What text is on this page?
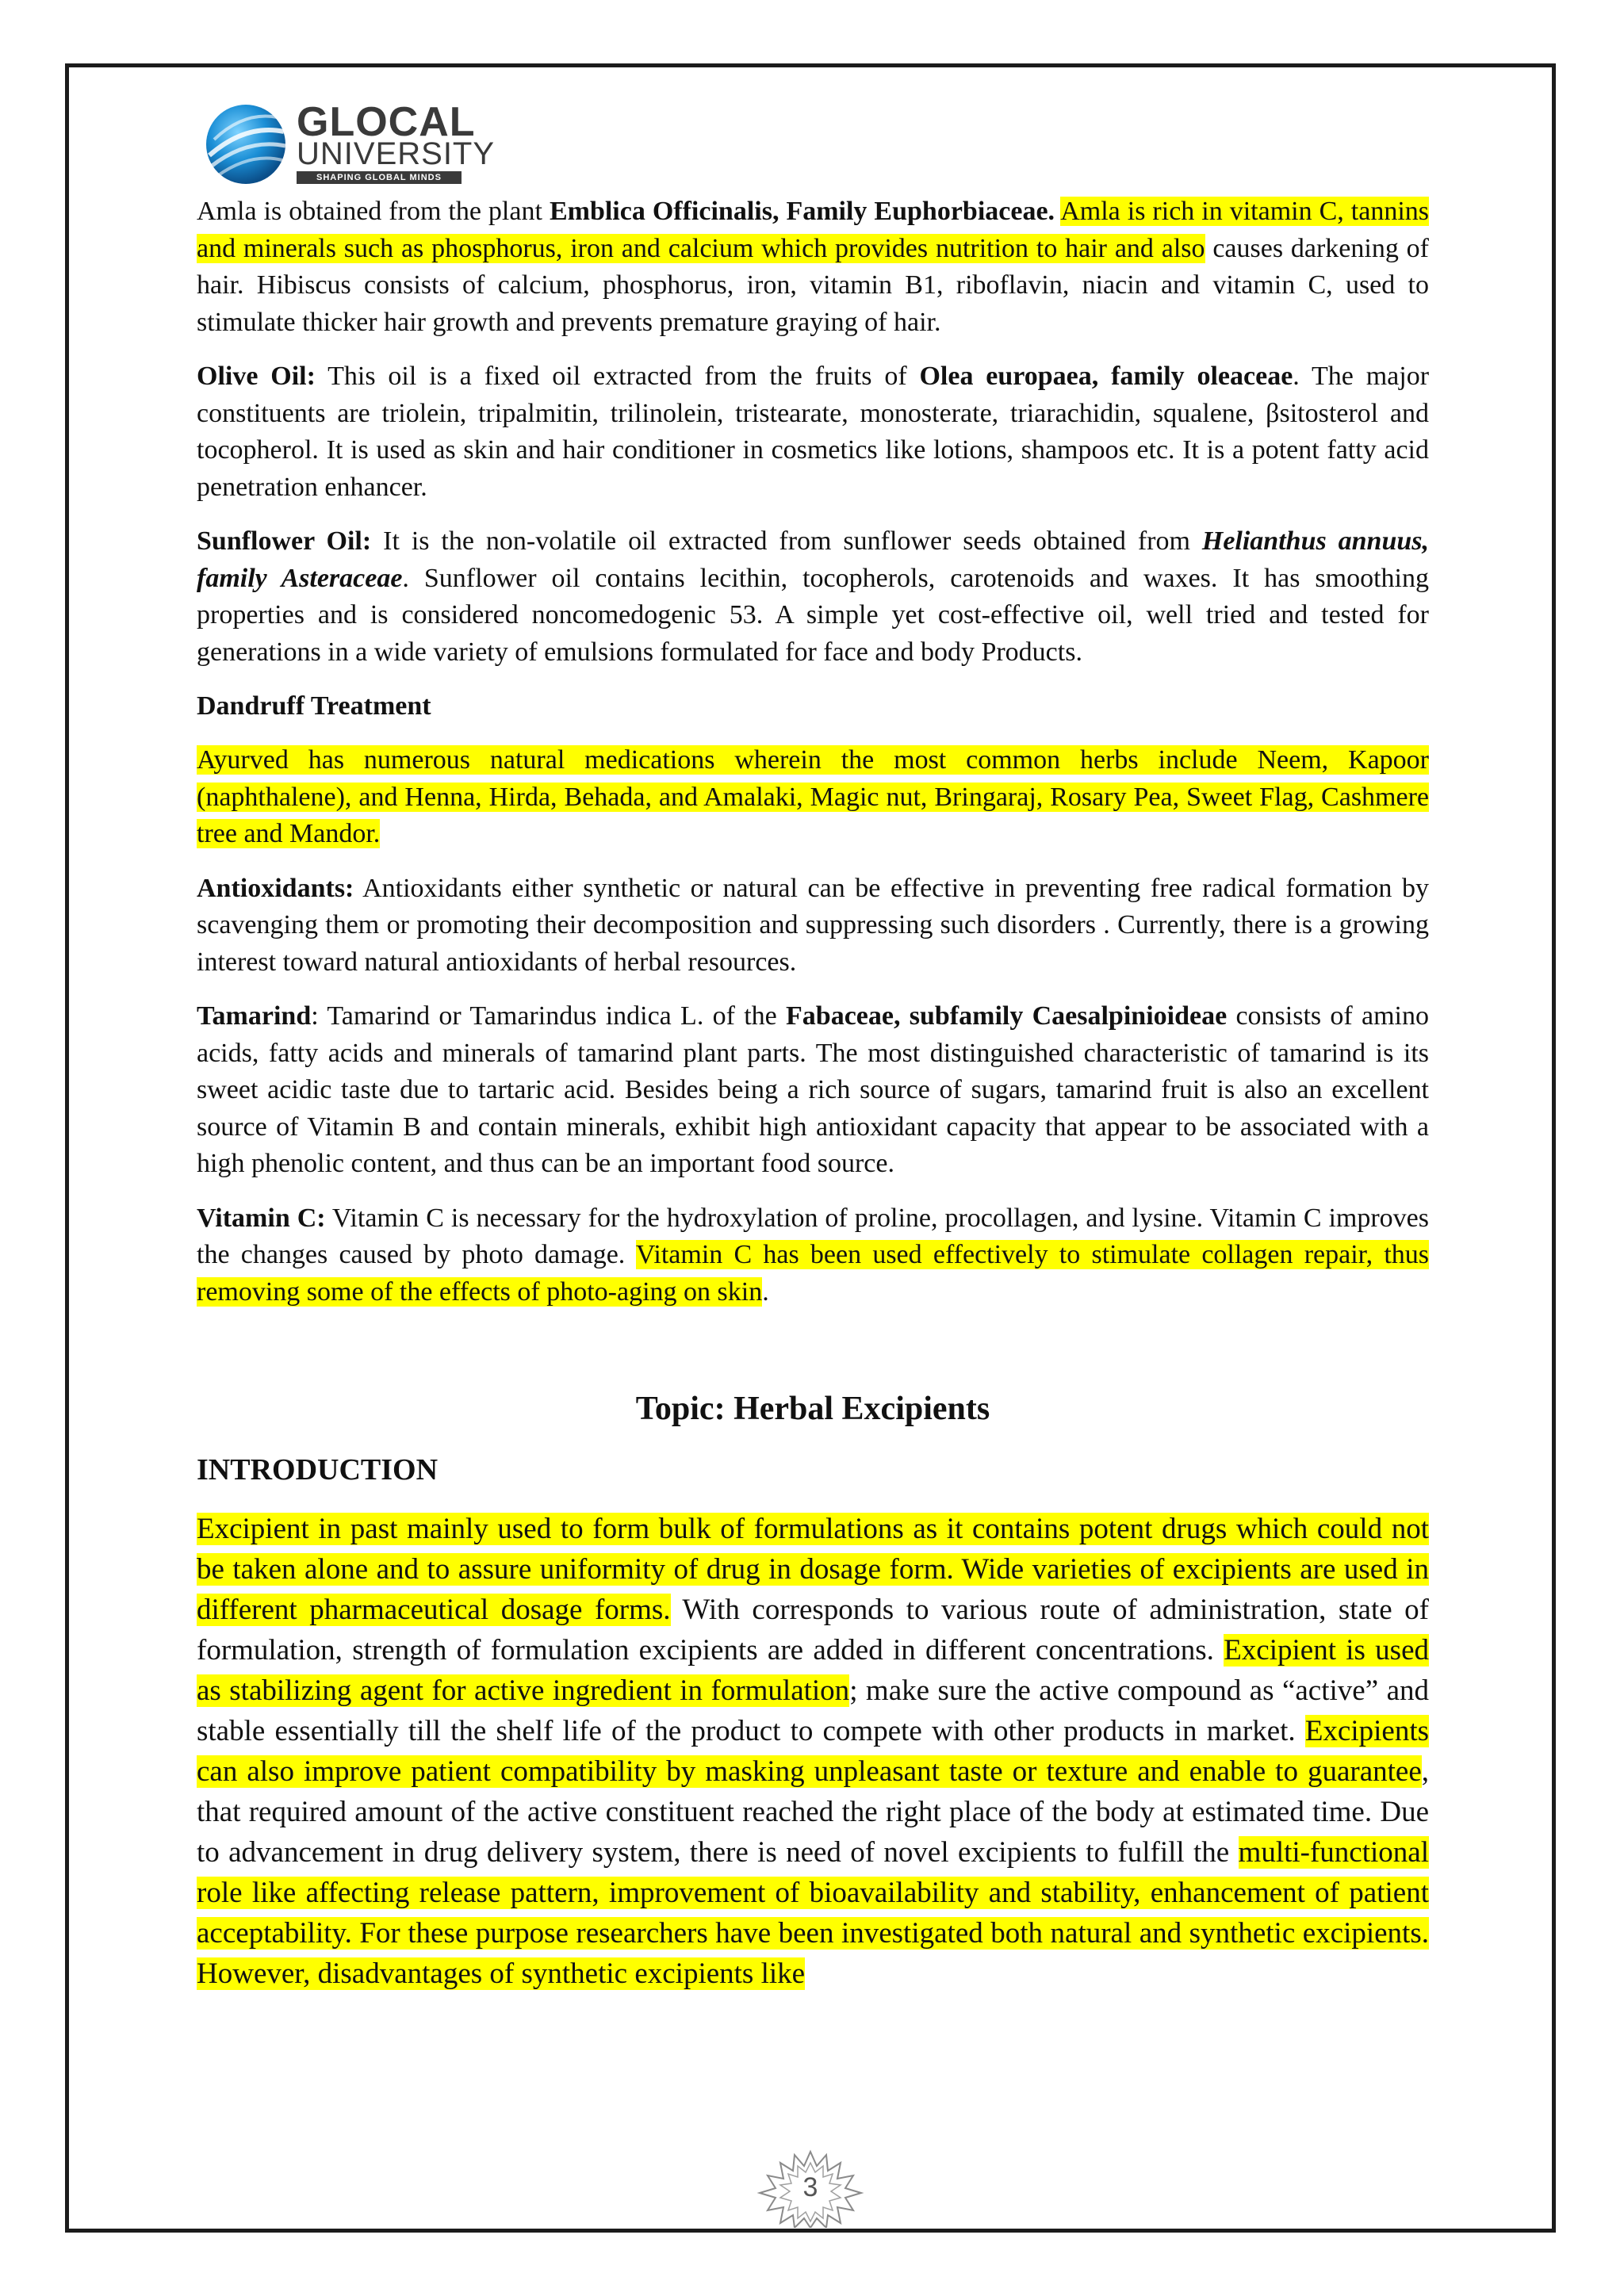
GLOCAL
UNIVERSITY
SHAPING GLOBAL MINDS

Amla is obtained from the plant Emblica Officinalis, Family Euphorbiaceae. Amla is rich in vitamin C, tannins and minerals such as phosphorus, iron and calcium which provides nutrition to hair and also causes darkening of hair. Hibiscus consists of calcium, phosphorus, iron, vitamin B1, riboflavin, niacin and vitamin C, used to stimulate thicker hair growth and prevents premature graying of hair.

Olive Oil: This oil is a fixed oil extracted from the fruits of Olea europaea, family oleaceae. The major constituents are triolein, tripalmitin, trilinolein, tristearate, monosterate, triarachidin, squalene, βsitosterol and tocopherol. It is used as skin and hair conditioner in cosmetics like lotions, shampoos etc. It is a potent fatty acid penetration enhancer.

Sunflower Oil: It is the non-volatile oil extracted from sunflower seeds obtained from Helianthus annuus, family Asteraceae. Sunflower oil contains lecithin, tocopherols, carotenoids and waxes. It has smoothing properties and is considered noncomedogenic 53. A simple yet cost-effective oil, well tried and tested for generations in a wide variety of emulsions formulated for face and body Products.

Dandruff Treatment

Ayurved has numerous natural medications wherein the most common herbs include Neem, Kapoor (naphthalene), and Henna, Hirda, Behada, and Amalaki, Magic nut, Bringaraj, Rosary Pea, Sweet Flag, Cashmere tree and Mandor.

Antioxidants: Antioxidants either synthetic or natural can be effective in preventing free radical formation by scavenging them or promoting their decomposition and suppressing such disorders . Currently, there is a growing interest toward natural antioxidants of herbal resources.

Tamarind: Tamarind or Tamarindus indica L. of the Fabaceae, subfamily Caesalpinioideae consists of amino acids, fatty acids and minerals of tamarind plant parts. The most distinguished characteristic of tamarind is its sweet acidic taste due to tartaric acid. Besides being a rich source of sugars, tamarind fruit is also an excellent source of Vitamin B and contain minerals, exhibit high antioxidant capacity that appear to be associated with a high phenolic content, and thus can be an important food source.

Vitamin C: Vitamin C is necessary for the hydroxylation of proline, procollagen, and lysine. Vitamin C improves the changes caused by photo damage. Vitamin C has been used effectively to stimulate collagen repair, thus removing some of the effects of photo-aging on skin.

Topic: Herbal Excipients
INTRODUCTION

Excipient in past mainly used to form bulk of formulations as it contains potent drugs which could not be taken alone and to assure uniformity of drug in dosage form. Wide varieties of excipients are used in different pharmaceutical dosage forms. With corresponds to various route of administration, state of formulation, strength of formulation excipients are added in different concentrations. Excipient is used as stabilizing agent for active ingredient in formulation; make sure the active compound as “active” and stable essentially till the shelf life of the product to compete with other products in market. Excipients can also improve patient compatibility by masking unpleasant taste or texture and enable to guarantee, that required amount of the active constituent reached the right place of the body at estimated time. Due to advancement in drug delivery system, there is need of novel excipients to fulfill the multi-functional role like affecting release pattern, improvement of bioavailability and stability, enhancement of patient acceptability. For these purpose researchers have been investigated both natural and synthetic excipients. However, disadvantages of synthetic excipients like

3
